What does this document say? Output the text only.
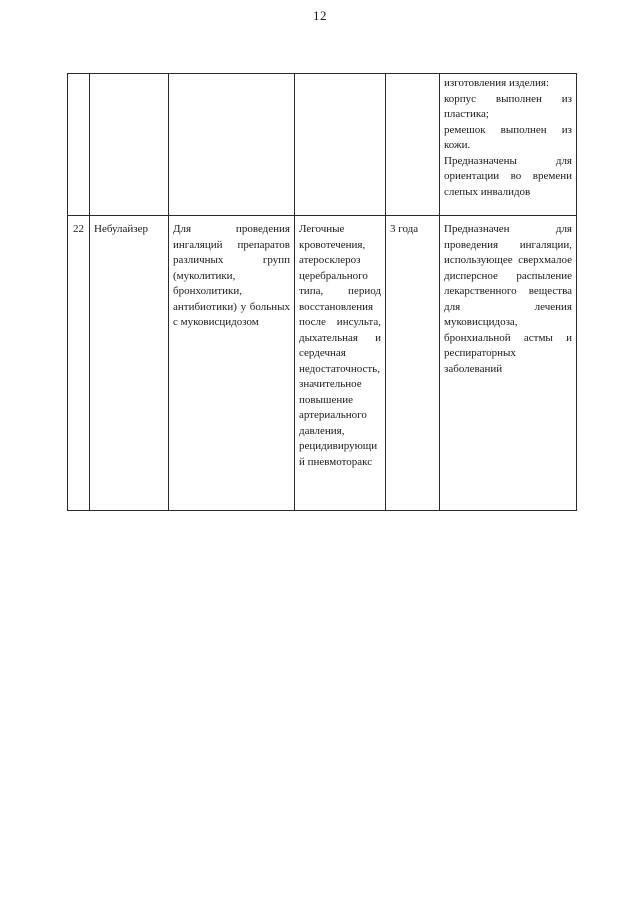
12

					изготовления изделия:
корпус выполнен из пластика;
ремешок выполнен из кожи.
Предназначены для ориентации во времени слепых инвалидов

22	Небулайзер	Для проведения ингаляций препаратов различных групп (муколитики, бронхолитики, антибиотики) у больных с муковисцидозом	Легочные кровотечения, атеросклероз церебрального типа, период восстановления после инсульта, дыхательная и сердечная недостаточность, значительное повышение артериального давления, рецидивирующий пневмоторакс	3 года	Предназначен для проведения ингаляции, использующее сверхмалое дисперсное распыление лекарственного вещества для лечения муковисцидоза, бронхиальной астмы и респираторных заболеваний
